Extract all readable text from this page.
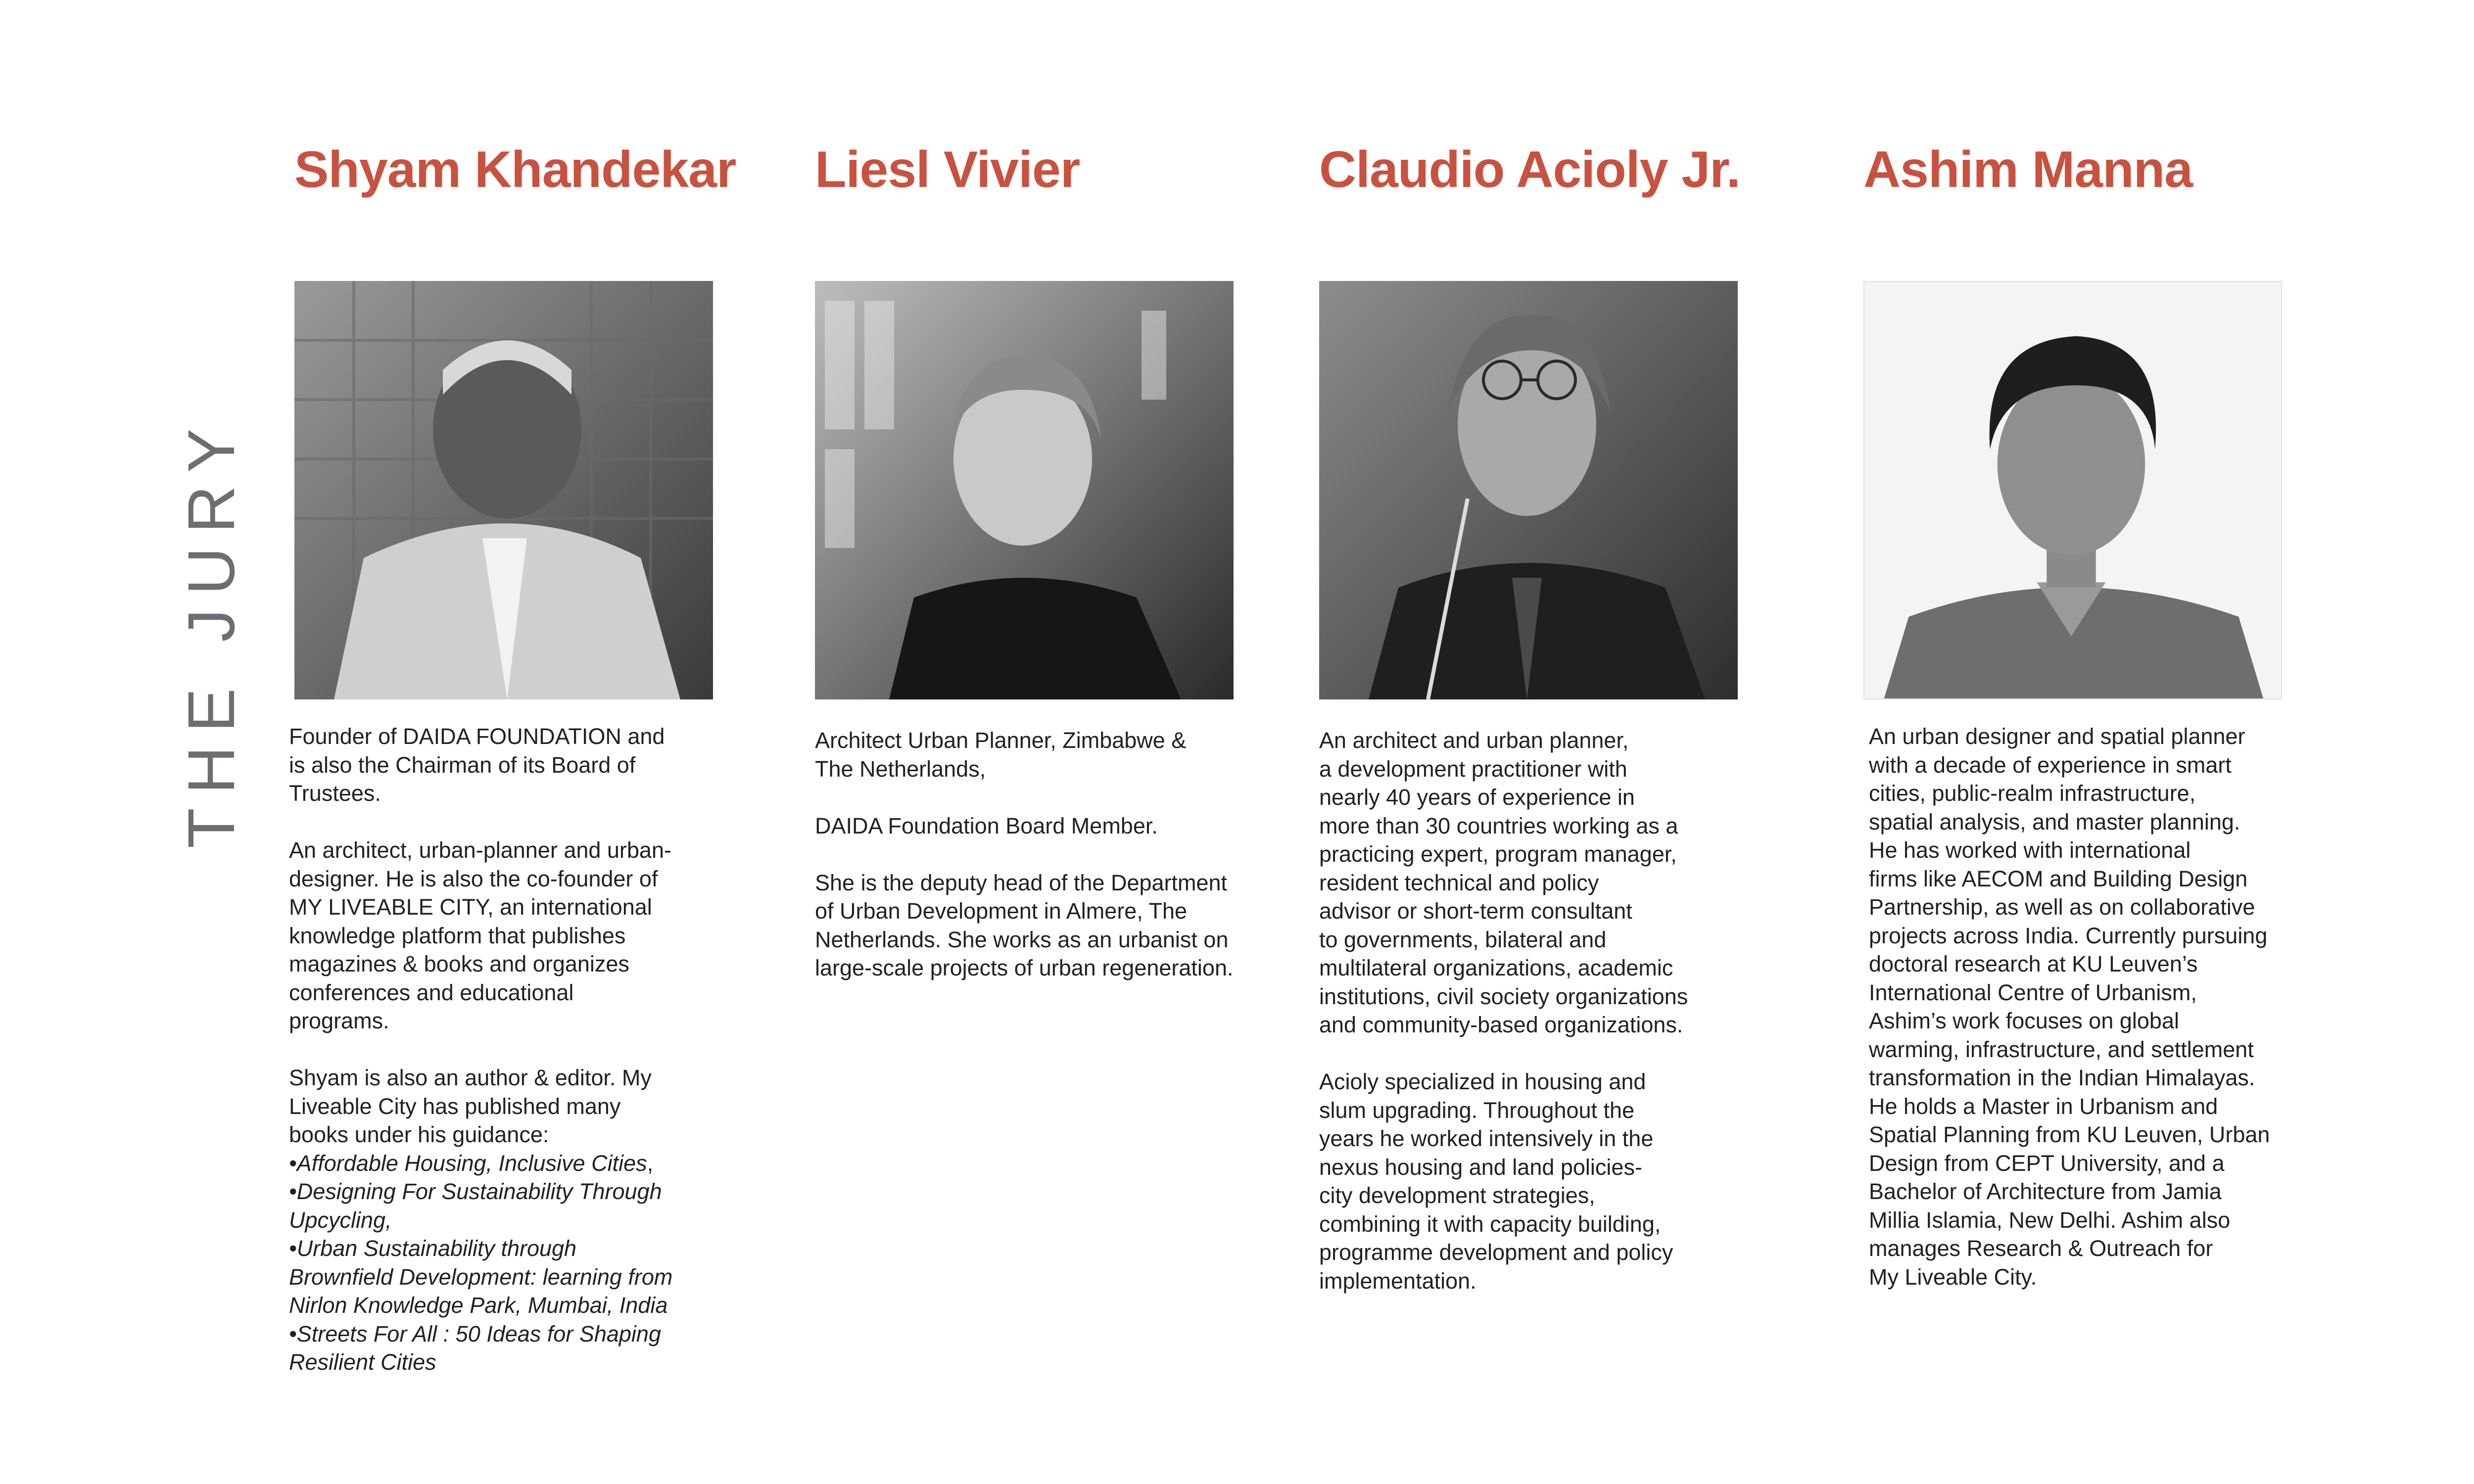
THE JURY
Shyam Khandekar

Founder of DAIDA FOUNDATION and
is also the Chairman of its Board of
Trustees.

An architect, urban-planner and urban-
designer. He is also the co-founder of
MY LIVEABLE CITY, an international
knowledge platform that publishes
magazines & books and organizes
conferences and educational
programs.

Shyam is also an author & editor. My
Liveable City has published many
books under his guidance:
•Affordable Housing, Inclusive Cities,
•Designing For Sustainability Through
Upcycling,
•Urban Sustainability through
Brownfield Development: learning from
Nirlon Knowledge Park, Mumbai, India
•Streets For All : 50 Ideas for Shaping
Resilient Cities

Liesl Vivier

Architect Urban Planner, Zimbabwe &
The Netherlands,

DAIDA Foundation Board Member.

She is the deputy head of the Department
of Urban Development in Almere, The
Netherlands. She works as an urbanist on
large-scale projects of urban regeneration.

Claudio Acioly Jr.

An architect and urban planner,
a development practitioner with
nearly 40 years of experience in
more than 30 countries working as a
practicing expert, program manager,
resident technical and policy
advisor or short-term consultant
to governments, bilateral and
multilateral organizations, academic
institutions, civil society organizations
and community-based organizations.

Acioly specialized in housing and
slum upgrading. Throughout the
years he worked intensively in the
nexus housing and land policies-
city development strategies,
combining it with capacity building,
programme development and policy
implementation.

Ashim Manna

An urban designer and spatial planner
with a decade of experience in smart
cities, public-realm infrastructure,
spatial analysis, and master planning.
He has worked with international
firms like AECOM and Building Design
Partnership, as well as on collaborative
projects across India. Currently pursuing
doctoral research at KU Leuven’s
International Centre of Urbanism,
Ashim’s work focuses on global
warming, infrastructure, and settlement
transformation in the Indian Himalayas.
He holds a Master in Urbanism and
Spatial Planning from KU Leuven, Urban
Design from CEPT University, and a
Bachelor of Architecture from Jamia
Millia Islamia, New Delhi. Ashim also
manages Research & Outreach for
My Liveable City.
